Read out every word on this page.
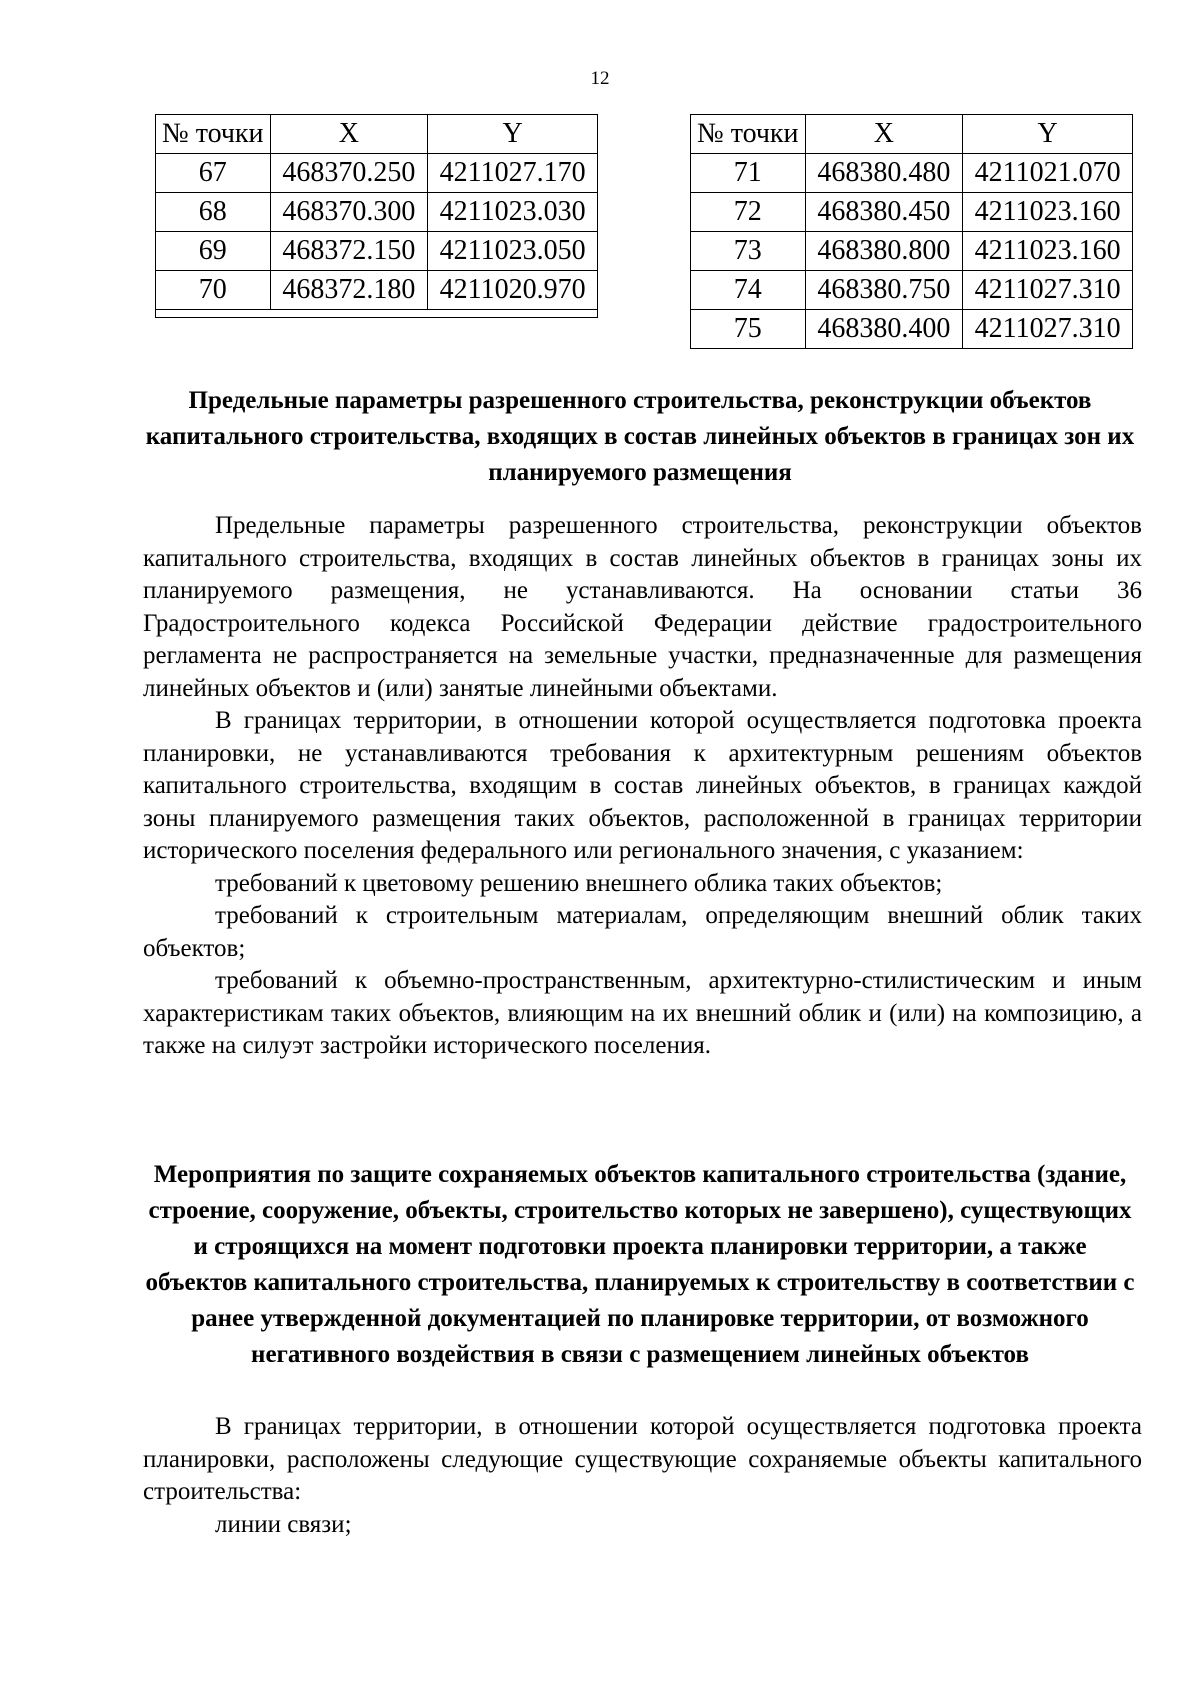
12
№ точки	X	Y
67	468370.250	4211027.170
68	468370.300	4211023.030
69	468372.150	4211023.050
70	468372.180	4211020.970

№ точки	X	Y
71	468380.480	4211021.070
72	468380.450	4211023.160
73	468380.800	4211023.160
74	468380.750	4211027.310
75	468380.400	4211027.310
Предельные параметры разрешенного строительства, реконструкции объектов капитального строительства, входящих в состав линейных объектов в границах зон их планируемого размещения

Предельные параметры разрешенного строительства, реконструкции объектов капитального строительства, входящих в состав линейных объектов в границах зоны их планируемого размещения, не устанавливаются. На основании статьи 36 Градостроительного кодекса Российской Федерации действие градостроительного регламента не распространяется на земельные участки, предназначенные для размещения линейных объектов и (или) занятые линейными объектами.

В границах территории, в отношении которой осуществляется подготовка проекта планировки, не устанавливаются требования к архитектурным решениям объектов капитального строительства, входящим в состав линейных объектов, в границах каждой зоны планируемого размещения таких объектов, расположенной в границах территории исторического поселения федерального или регионального значения, с указанием:

требований к цветовому решению внешнего облика таких объектов;

требований к строительным материалам, определяющим внешний облик таких объектов;

требований к объемно-пространственным, архитектурно-стилистическим и иным характеристикам таких объектов, влияющим на их внешний облик и (или) на композицию, а также на силуэт застройки исторического поселения.

Мероприятия по защите сохраняемых объектов капитального строительства (здание, строение, сооружение, объекты, строительство которых не завершено), существующих и строящихся на момент подготовки проекта планировки территории, а также объектов капитального строительства, планируемых к строительству в соответствии с ранее утвержденной документацией по планировке территории, от возможного негативного воздействия в связи с размещением линейных объектов

В границах территории, в отношении которой осуществляется подготовка проекта планировки, расположены следующие существующие сохраняемые объекты капитального строительства:

линии связи;
